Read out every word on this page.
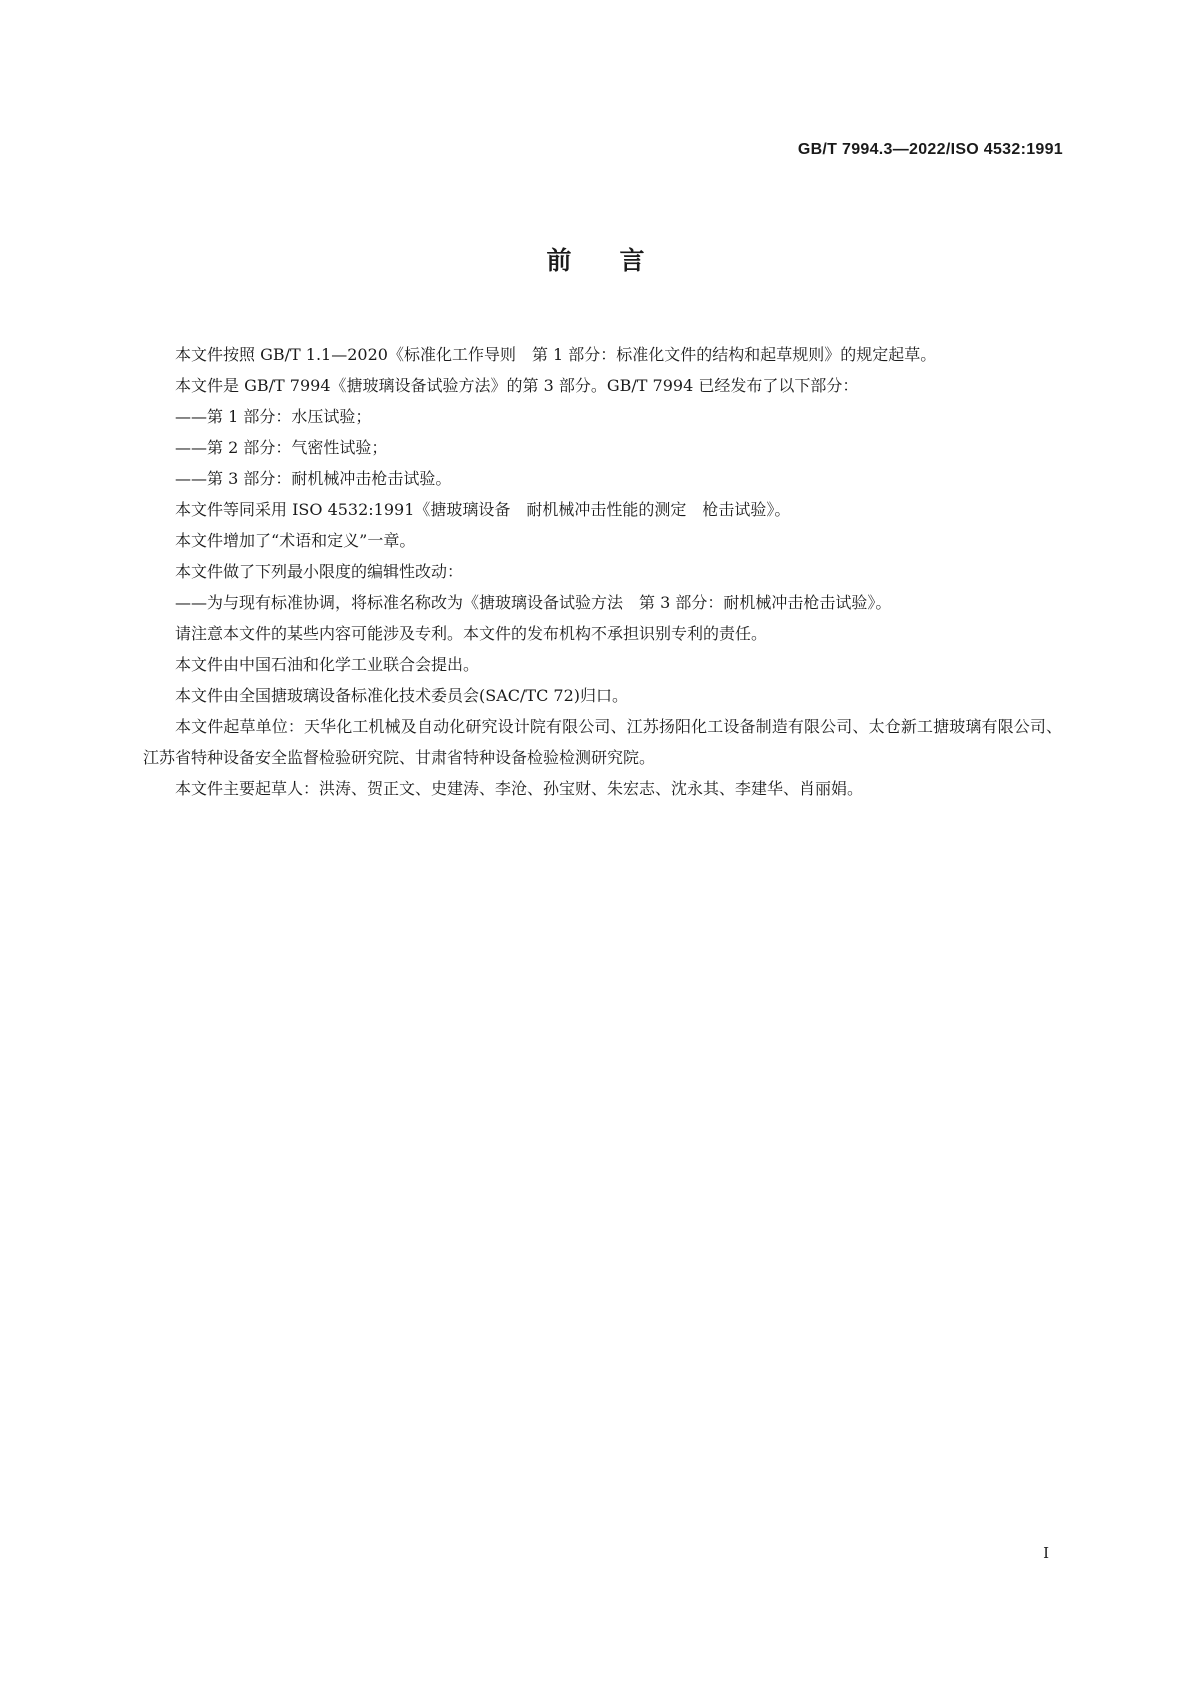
GB/T 7994.3—2022/ISO 4532:1991
前言

本文件按照 GB/T 1.1—2020《标准化工作导则　第 1 部分：标准化文件的结构和起草规则》的规定起草。

本文件是 GB/T 7994《搪玻璃设备试验方法》的第 3 部分。GB/T 7994 已经发布了以下部分：

——第 1 部分：水压试验；

——第 2 部分：气密性试验；

——第 3 部分：耐机械冲击枪击试验。

本文件等同采用 ISO 4532:1991《搪玻璃设备　耐机械冲击性能的测定　枪击试验》。

本文件增加了“术语和定义”一章。

本文件做了下列最小限度的编辑性改动：

——为与现有标准协调，将标准名称改为《搪玻璃设备试验方法　第 3 部分：耐机械冲击枪击试验》。

请注意本文件的某些内容可能涉及专利。本文件的发布机构不承担识别专利的责任。

本文件由中国石油和化学工业联合会提出。

本文件由全国搪玻璃设备标准化技术委员会(SAC/TC 72)归口。

本文件起草单位：天华化工机械及自动化研究设计院有限公司、江苏扬阳化工设备制造有限公司、太仓新工搪玻璃有限公司、江苏省特种设备安全监督检验研究院、甘肃省特种设备检验检测研究院。

本文件主要起草人：洪涛、贺正文、史建涛、李沧、孙宝财、朱宏志、沈永其、李建华、肖丽娟。

I
